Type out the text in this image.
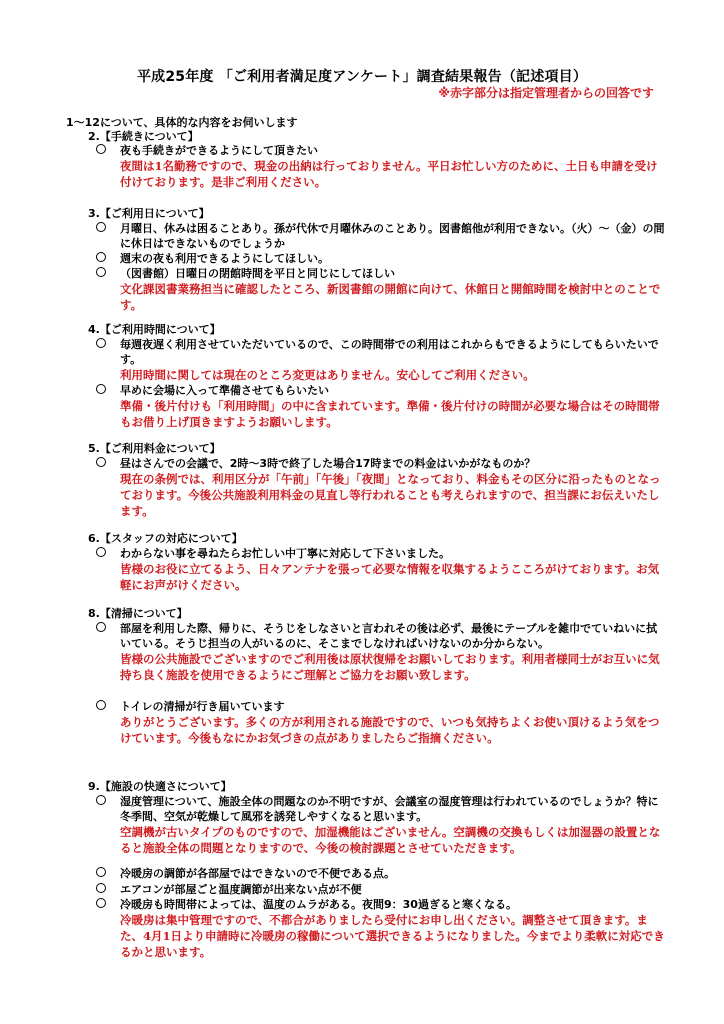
平成25年度 「ご利用者満足度アンケート」調査結果報告（記述項目）
※赤字部分は指定管理者からの回答です
1～12について、具体的な内容をお伺いします
2.【手続きについて】
夜も手続きができるようにして頂きたい
夜間は1名勤務ですので、現金の出納は行っておりません。平日お忙しい方のために、土日も申請を受け付けております。是非ご利用ください。
3.【ご利用日について】
月曜日、休みは困ることあり。孫が代休で月曜休みのことあり。図書館他が利用できない。（火）～（金）の間に休日はできないものでしょうか
週末の夜も利用できるようにしてほしい。
（図書館）日曜日の閉館時間を平日と同じにしてほしい
文化課図書業務担当に確認したところ、新図書館の開館に向けて、休館日と開館時間を検討中とのことです。
4.【ご利用時間について】
毎週夜遅く利用させていただいているので、この時間帯での利用はこれからもできるようにしてもらいたいです。
利用時間に関しては現在のところ変更はありません。安心してご利用ください。
早めに会場に入って準備させてもらいたい
準備・後片付けも「利用時間」の中に含まれています。準備・後片付けの時間が必要な場合はその時間帯もお借り上げ頂きますようお願いします。
5.【ご利用料金について】
昼はさんでの会議で、2時～3時で終了した場合17時までの料金はいかがなものか？
現在の条例では、利用区分が「午前」「午後」「夜間」となっており、料金もその区分に沿ったものとなっております。今後公共施設利用料金の見直し等行われることも考えられますので、担当課にお伝えいたします。
6.【スタッフの対応について】
わからない事を尋ねたらお忙しい中丁寧に対応して下さいました。
皆様のお役に立てるよう、日々アンテナを張って必要な情報を収集するようこころがけております。お気軽にお声がけください。
8.【清掃について】
部屋を利用した際、帰りに、そうじをしなさいと言われその後は必ず、最後にテーブルを雑巾でていねいに拭いている。そうじ担当の人がいるのに、そこまでしなければいけないのか分からない。
皆様の公共施設でございますのでご利用後は原状復帰をお願いしております。利用者様同士がお互いに気持ち良く施設を使用できるようにご理解とご協力をお願い致します。
トイレの清掃が行き届いています
ありがとうございます。多くの方が利用される施設ですので、いつも気持ちよくお使い頂けるよう気をつけています。今後もなにかお気づきの点がありましたらご指摘ください。
9.【施設の快適さについて】
湿度管理について、施設全体の問題なのか不明ですが、会議室の湿度管理は行われているのでしょうか？特に冬季間、空気が乾燥して風邪を誘発しやすくなると思います。
空調機が古いタイプのものですので、加湿機能はございません。空調機の交換もしくは加湿器の設置となると施設全体の問題となりますので、今後の検討課題とさせていただきます。
冷暖房の調節が各部屋ではできないので不便である点。
エアコンが部屋ごと温度調節が出来ない点が不便
冷暖房も時間帯によっては、温度のムラがある。夜間9：30過ぎると寒くなる。
冷暖房は集中管理ですので、不都合がありましたら受付にお申し出ください。調整させて頂きます。また、4月1日より申請時に冷暖房の稼働について選択できるようになりました。今までより柔軟に対応できるかと思います。
